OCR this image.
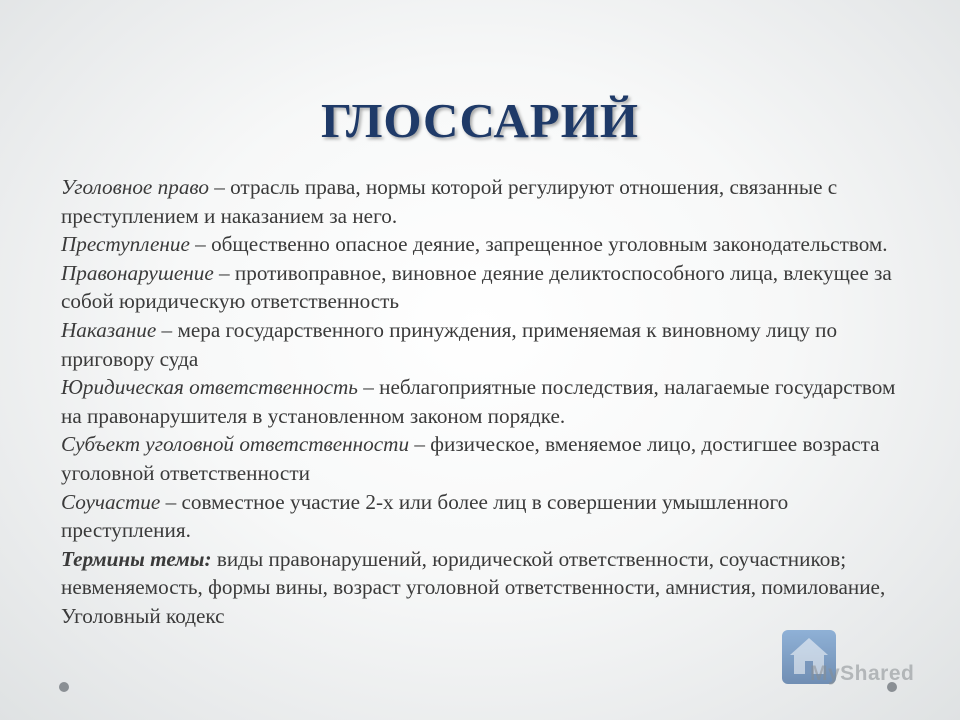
ГЛОССАРИЙ

Уголовное право – отрасль права, нормы которой регулируют отношения, связанные с преступлением и наказанием за него.

Преступление – общественно опасное деяние, запрещенное уголовным законодательством.

Правонарушение – противоправное, виновное деяние деликтоспособного лица, влекущее за собой юридическую ответственность

Наказание – мера государственного принуждения, применяемая к виновному лицу по приговору суда

Юридическая ответственность – неблагоприятные последствия, налагаемые государством на правонарушителя в установленном законом порядке.

Субъект уголовной ответственности – физическое, вменяемое лицо, достигшее возраста уголовной ответственности

Соучастие – совместное участие 2-х или более лиц в совершении умышленного преступления.

Термины темы: виды правонарушений, юридической ответственности, соучастников; невменяемость, формы вины, возраст уголовной ответственности, амнистия, помилование, Уголовный кодекс

MyShared
